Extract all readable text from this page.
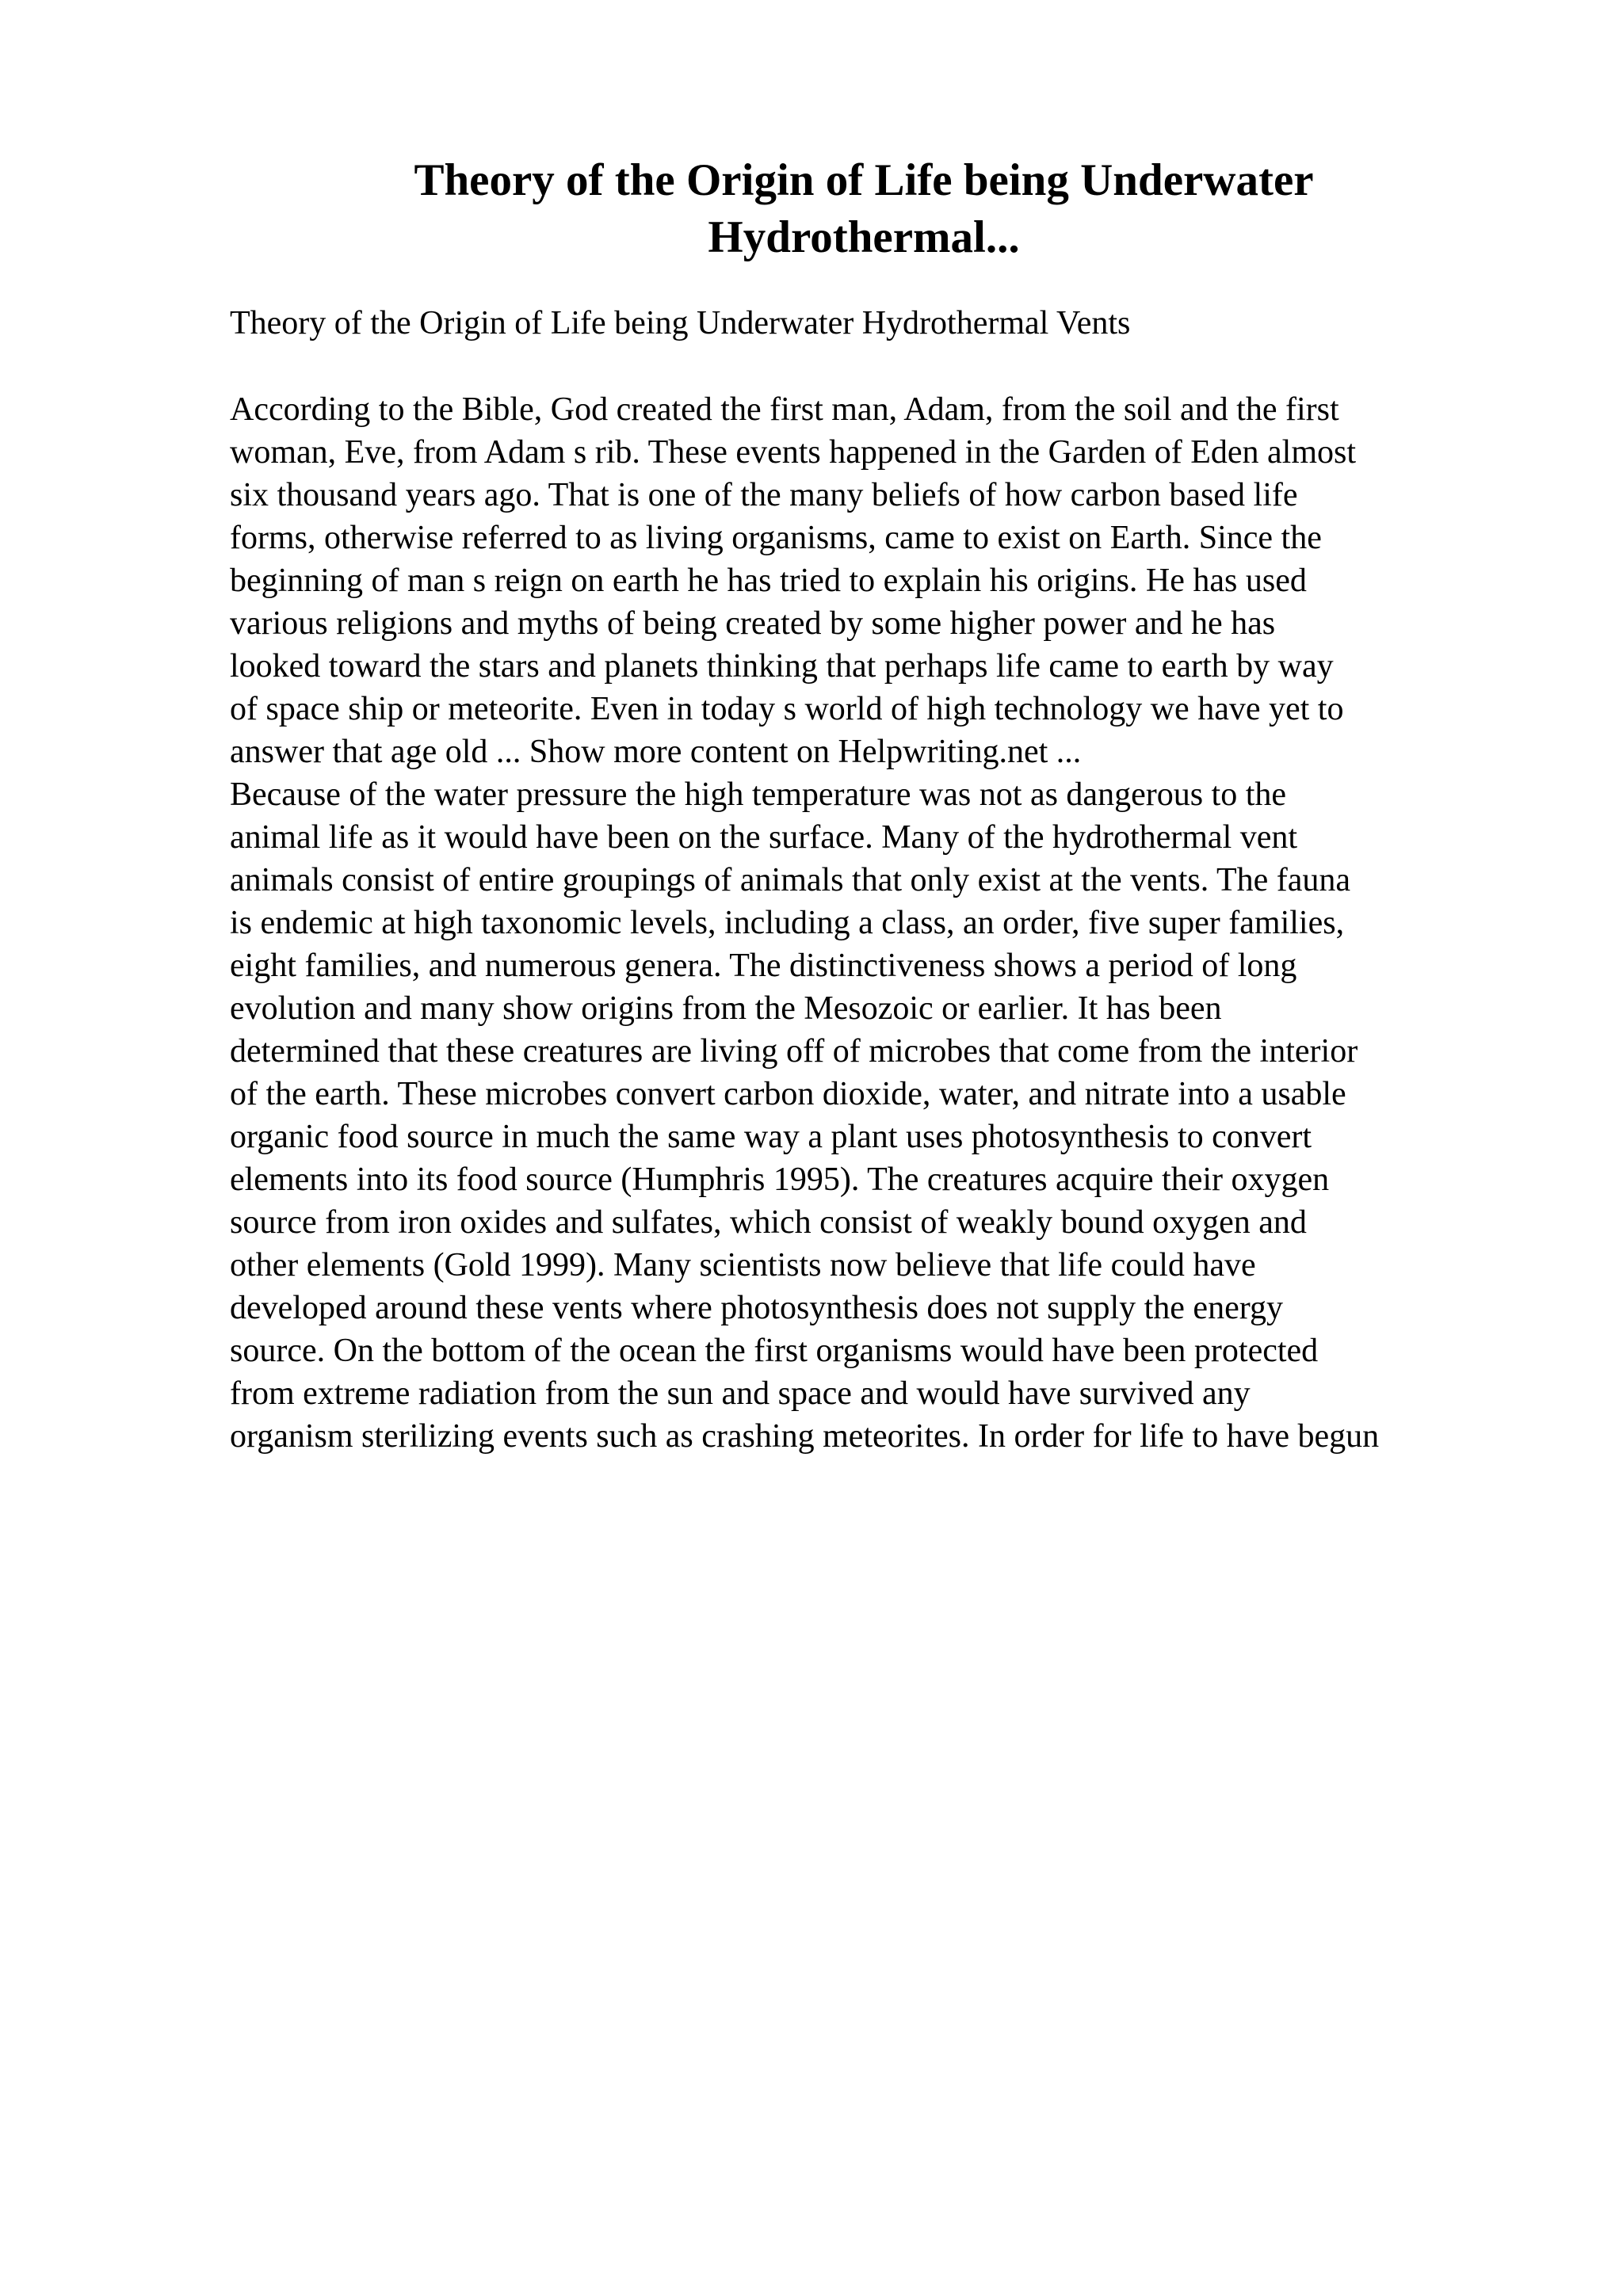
Theory of the Origin of Life being Underwater
Hydrothermal...

Theory of the Origin of Life being Underwater Hydrothermal Vents

According to the Bible, God created the first man, Adam, from the soil and the first
woman, Eve, from Adam s rib. These events happened in the Garden of Eden almost
six thousand years ago. That is one of the many beliefs of how carbon based life
forms, otherwise referred to as living organisms, came to exist on Earth. Since the
beginning of man s reign on earth he has tried to explain his origins. He has used
various religions and myths of being created by some higher power and he has
looked toward the stars and planets thinking that perhaps life came to earth by way
of space ship or meteorite. Even in today s world of high technology we have yet to
answer that age old ... Show more content on Helpwriting.net ...

Because of the water pressure the high temperature was not as dangerous to the
animal life as it would have been on the surface. Many of the hydrothermal vent
animals consist of entire groupings of animals that only exist at the vents. The fauna
is endemic at high taxonomic levels, including a class, an order, five super families,
eight families, and numerous genera. The distinctiveness shows a period of long
evolution and many show origins from the Mesozoic or earlier. It has been
determined that these creatures are living off of microbes that come from the interior
of the earth. These microbes convert carbon dioxide, water, and nitrate into a usable
organic food source in much the same way a plant uses photosynthesis to convert
elements into its food source (Humphris 1995). The creatures acquire their oxygen
source from iron oxides and sulfates, which consist of weakly bound oxygen and
other elements (Gold 1999). Many scientists now believe that life could have
developed around these vents where photosynthesis does not supply the energy
source. On the bottom of the ocean the first organisms would have been protected
from extreme radiation from the sun and space and would have survived any
organism sterilizing events such as crashing meteorites. In order for life to have begun
